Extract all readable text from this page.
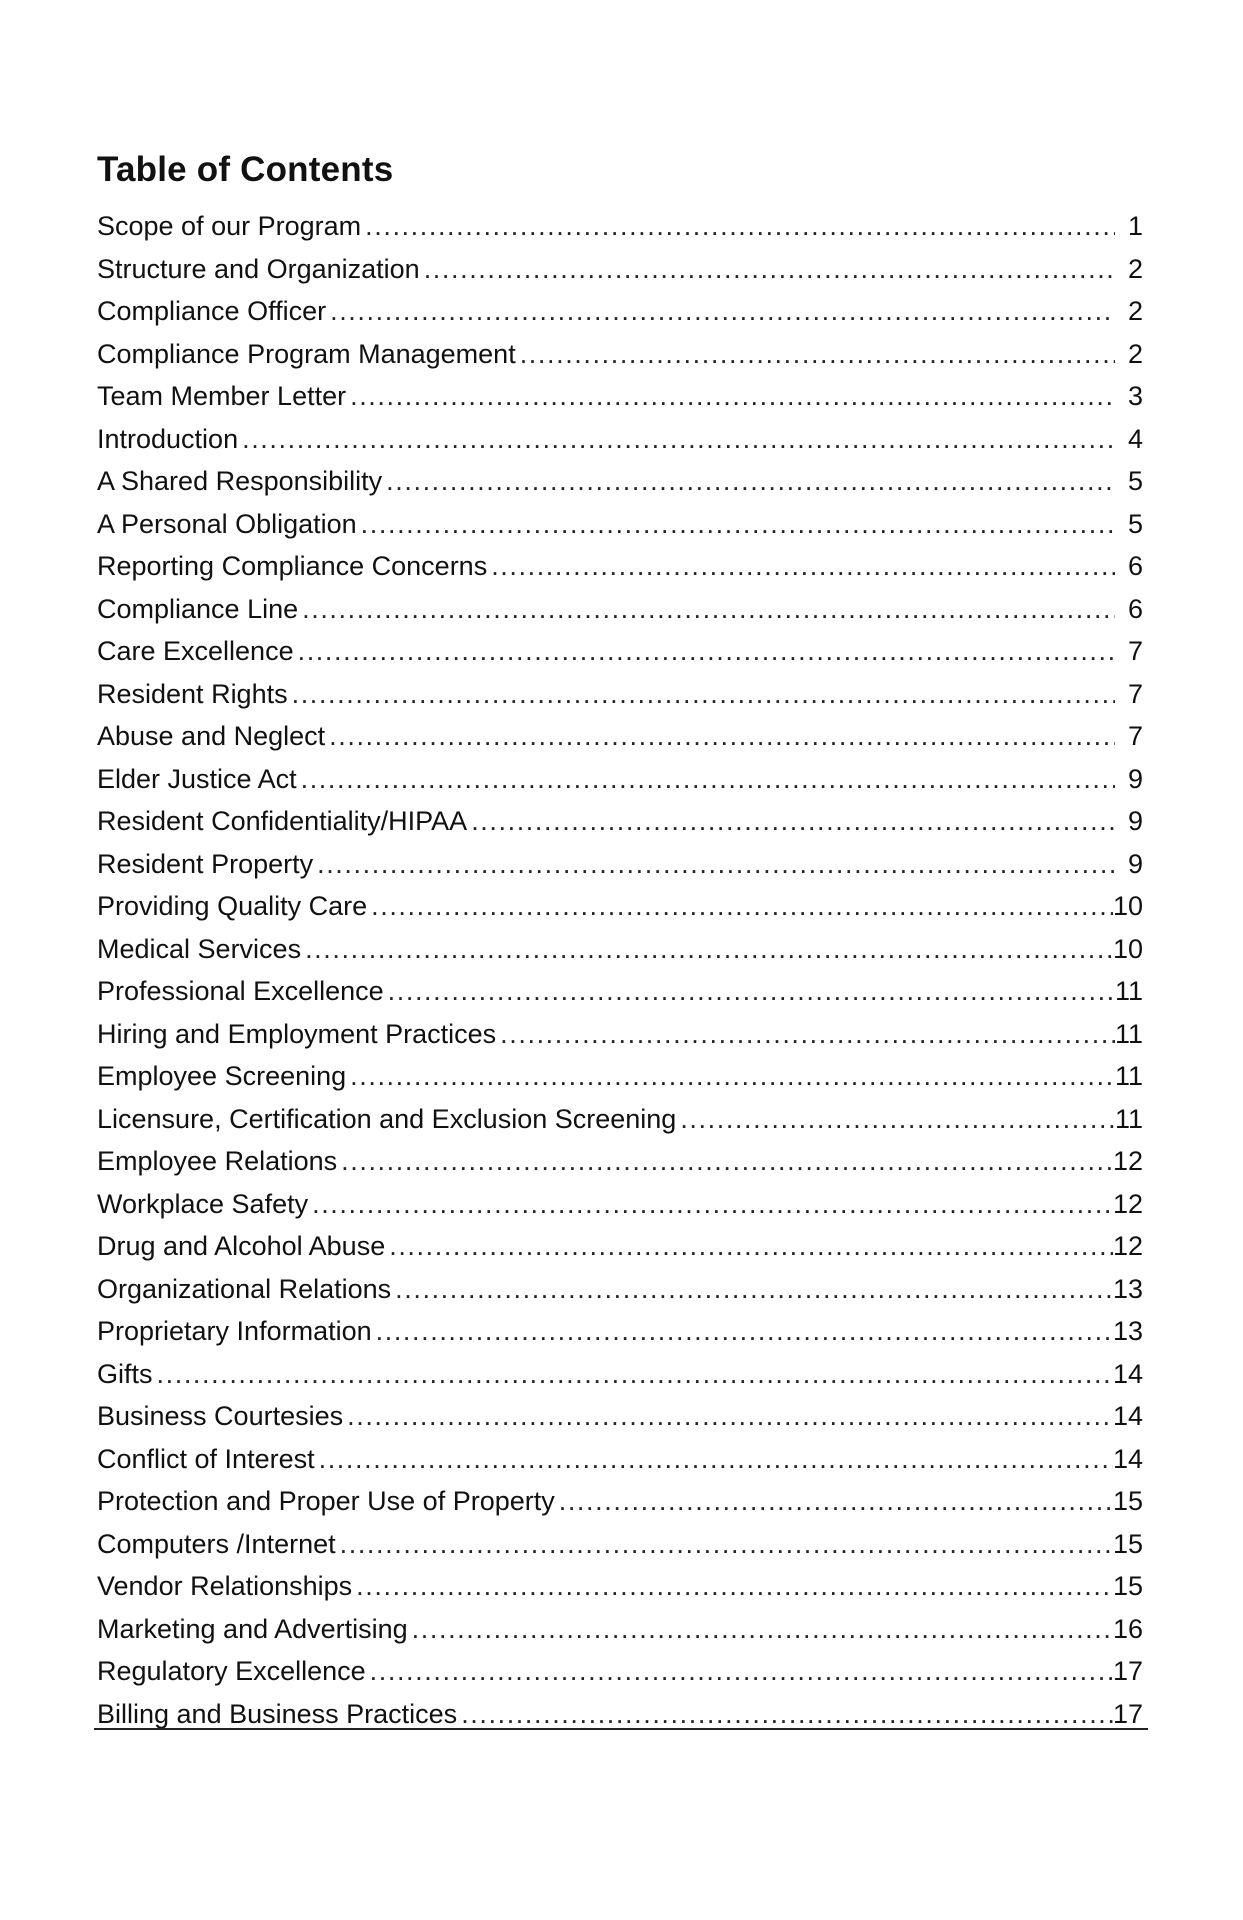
Table of Contents
Scope of our Program .....	1
Structure and Organization .....	2
Compliance Officer .....	2
Compliance Program Management .....	2
Team Member Letter .....	3
Introduction .....	4
A Shared Responsibility .....	5
A Personal Obligation .....	5
Reporting Compliance Concerns .....	6
Compliance Line .....	6
Care Excellence .....	7
Resident Rights .....	7
Abuse and Neglect .....	7
Elder Justice Act .....	9
Resident Confidentiality/HIPAA .....	9
Resident Property .....	9
Providing Quality Care .....	10
Medical Services .....	10
Professional Excellence .....	11
Hiring and Employment Practices .....	11
Employee Screening .....	11
Licensure, Certification and Exclusion Screening .....	11
Employee Relations .....	12
Workplace Safety .....	12
Drug and Alcohol Abuse .....	12
Organizational Relations .....	13
Proprietary Information .....	13
Gifts .....	14
Business Courtesies .....	14
Conflict of Interest .....	14
Protection and Proper Use of Property .....	15
Computers /Internet .....	15
Vendor Relationships .....	15
Marketing and Advertising .....	16
Regulatory Excellence .....	17
Billing and Business Practices .....	17
